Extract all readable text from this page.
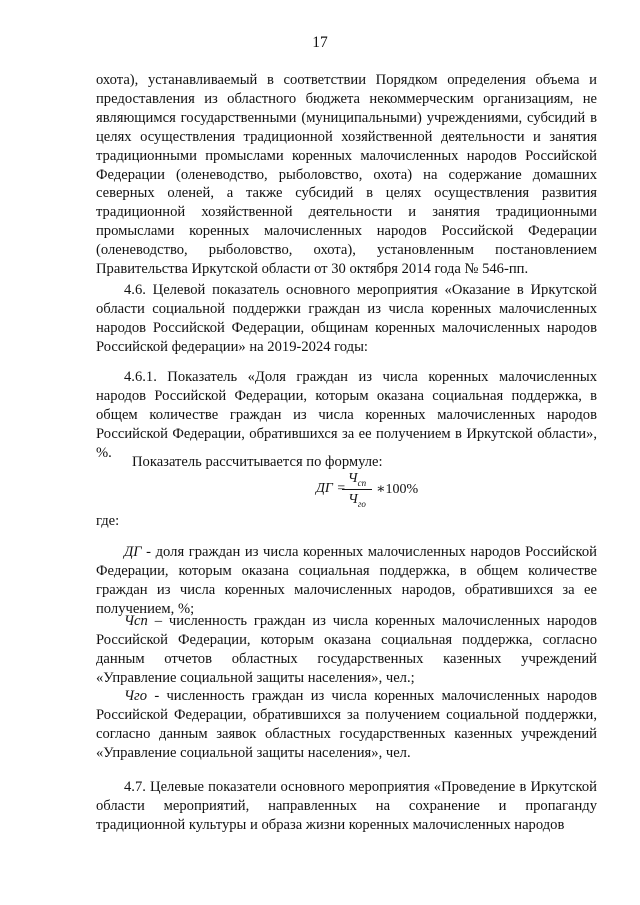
17

охота), устанавливаемый в соответствии Порядком определения объема и предоставления из областного бюджета некоммерческим организациям, не являющимся государственными (муниципальными) учреждениями, субсидий в целях осуществления традиционной хозяйственной деятельности и занятия традиционными промыслами коренных малочисленных народов Российской Федерации (оленеводство, рыболовство, охота) на содержание домашних северных оленей, а также субсидий в целях осуществления развития традиционной хозяйственной деятельности и занятия традиционными промыслами коренных малочисленных народов Российской Федерации (оленеводство, рыболовство, охота), установленным постановлением Правительства Иркутской области от 30 октября 2014 года № 546-пп.

4.6. Целевой показатель основного мероприятия «Оказание в Иркутской области социальной поддержки граждан из числа коренных малочисленных народов Российской Федерации, общинам коренных малочисленных народов Российской федерации» на 2019-2024 годы:

4.6.1. Показатель «Доля граждан из числа коренных малочисленных народов Российской Федерации, которым оказана социальная поддержка, в общем количестве граждан из числа коренных малочисленных народов Российской Федерации, обратившихся за ее получением в Иркутской области», %.

Показатель рассчитывается по формуле:

где:

ДГ - доля граждан из числа коренных малочисленных народов Российской Федерации, которым оказана социальная поддержка, в общем количестве граждан из числа коренных малочисленных народов, обратившихся за ее получением, %;

Чсп – численность граждан из числа коренных малочисленных народов Российской Федерации, которым оказана социальная поддержка, согласно данным отчетов областных государственных казенных учреждений «Управление социальной защиты населения», чел.;

Чго - численность граждан из числа коренных малочисленных народов Российской Федерации, обратившихся за получением социальной поддержки, согласно данным заявок областных государственных казенных учреждений «Управление социальной защиты населения», чел.

4.7. Целевые показатели основного мероприятия «Проведение в Иркутской области мероприятий, направленных на сохранение и пропаганду традиционной культуры и образа жизни коренных малочисленных народов

ДГ =
$Ч_{сп}$
$Ч_{го}$
∗100%
